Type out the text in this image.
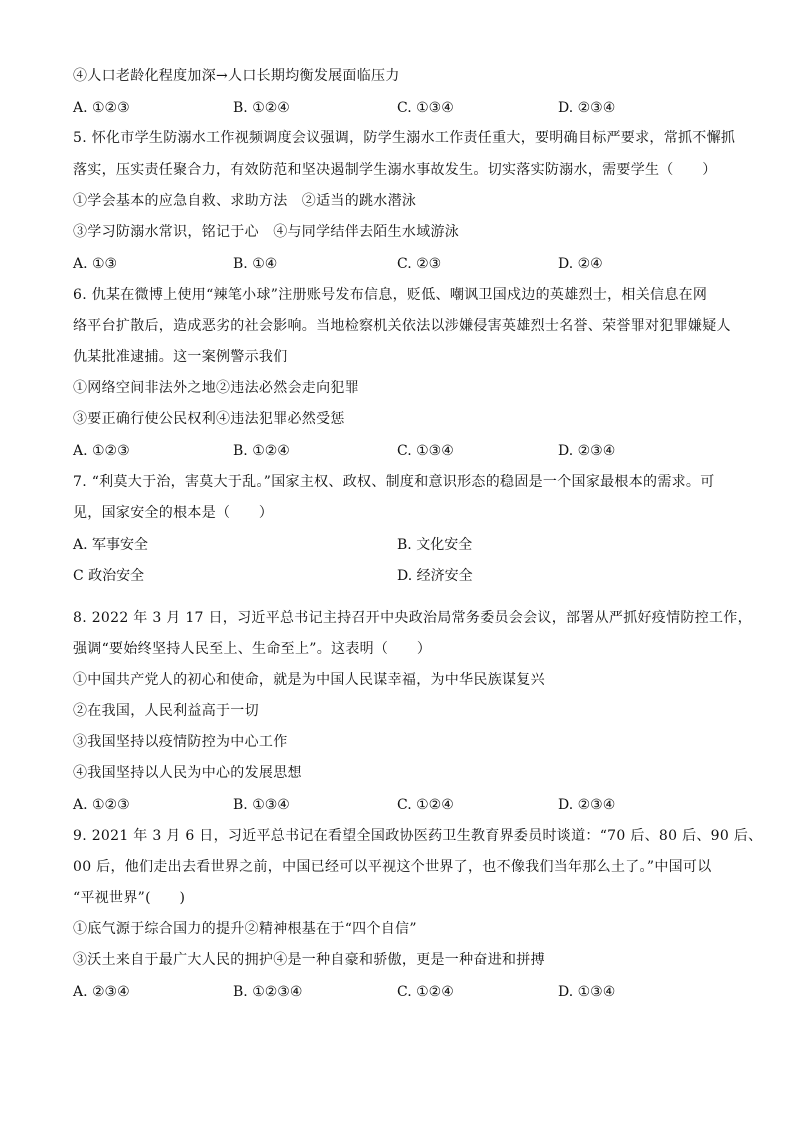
④人口老龄化程度加深→人口长期均衡发展面临压力
A. ①②③	B. ①②④	C. ①③④	D. ②③④
5. 怀化市学生防溺水工作视频调度会议强调，防学生溺水工作责任重大，要明确目标严要求，常抓不懈抓
落实，压实责任聚合力，有效防范和坚决遏制学生溺水事故发生。切实落实防溺水，需要学生（　　）
①学会基本的应急自救、求助方法　②适当的跳水潜泳
③学习防溺水常识，铭记于心　④与同学结伴去陌生水域游泳
A. ①③	B. ①④	C. ②③	D. ②④
6. 仇某在微博上使用“辣笔小球”注册账号发布信息，贬低、嘲讽卫国戍边的英雄烈士，相关信息在网
络平台扩散后，造成恶劣的社会影响。当地检察机关依法以涉嫌侵害英雄烈士名誉、荣誉罪对犯罪嫌疑人
仇某批准逮捕。这一案例警示我们
①网络空间非法外之地②违法必然会走向犯罪
③要正确行使公民权利④违法犯罪必然受惩
A. ①②③	B. ①②④	C. ①③④	D. ②③④
7. “利莫大于治，害莫大于乱。”国家主权、政权、制度和意识形态的稳固是一个国家最根本的需求。可
见，国家安全的根本是（　　）
A. 军事安全	B. 文化安全
C 政治安全	D. 经济安全
8. 2022 年 3 月 17 日，习近平总书记主持召开中央政治局常务委员会会议，部署从严抓好疫情防控工作，
强调“要始终坚持人民至上、生命至上”。这表明（　　）
①中国共产党人的初心和使命，就是为中国人民谋幸福，为中华民族谋复兴
②在我国，人民利益高于一切
③我国坚持以疫情防控为中心工作
④我国坚持以人民为中心的发展思想
A. ①②③	B. ①③④	C. ①②④	D. ②③④
9. 2021 年 3 月 6 日，习近平总书记在看望全国政协医药卫生教育界委员时谈道：“70 后、80 后、90 后、
00 后，他们走出去看世界之前，中国已经可以平视这个世界了，也不像我们当年那么土了。”中国可以
“平视世界”(　　)
①底气源于综合国力的提升②精神根基在于“四个自信”
③沃土来自于最广大人民的拥护④是一种自豪和骄傲，更是一种奋进和拼搏
A. ②③④	B. ①②③④	C. ①②④	D. ①③④
